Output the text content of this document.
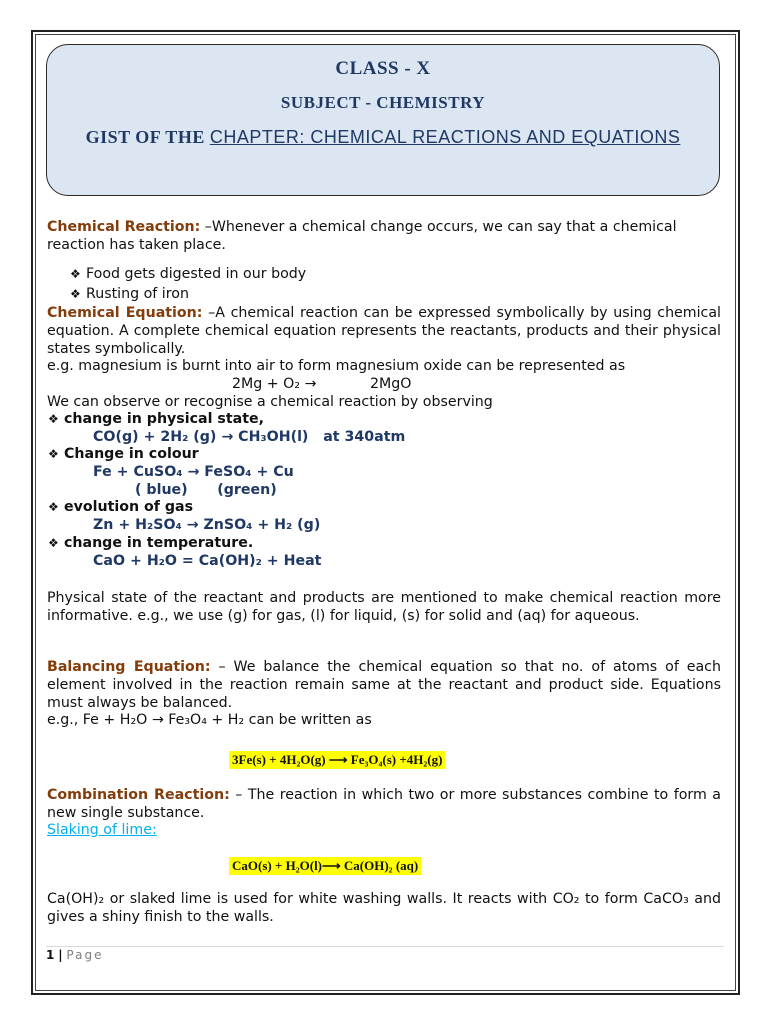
CLASS - X
SUBJECT - CHEMISTRY
GIST OF THE CHAPTER: CHEMICAL REACTIONS AND EQUATIONS
Chemical Reaction: –Whenever a chemical change occurs, we can say that a chemical reaction has taken place.
❖ Food gets digested in our body
❖ Rusting of iron
Chemical Equation: –A chemical reaction can be expressed symbolically by using chemical equation. A complete chemical equation represents the reactants, products and their physical states symbolically.
e.g. magnesium is burnt into air to form magnesium oxide can be represented as
2Mg + O₂ →	2MgO
We can observe or recognise a chemical reaction by observing
❖ change in physical state,
CO(g) + 2H₂ (g) → CH₃OH(l)   at 340atm
❖ Change in colour
Fe + CuSO₄ → FeSO₄ + Cu
( blue)      (green)
❖ evolution of gas
Zn + H₂SO₄ → ZnSO₄ + H₂ (g)
❖ change in temperature.
CaO + H₂O = Ca(OH)₂ + Heat
Physical state of the reactant and products are mentioned to make chemical reaction more informative. e.g., we use (g) for gas, (l) for liquid, (s) for solid and (aq) for aqueous.
Balancing Equation: – We balance the chemical equation so that no. of atoms of each element involved in the reaction remain same at the reactant and product side. Equations must always be balanced.
e.g., Fe + H₂O → Fe₃O₄ + H₂ can be written as
3Fe(s) + 4H₂O(g) ⟶ Fe₃O₄(s) +4H₂(g)
Combination Reaction: – The reaction in which two or more substances combine to form a new single substance.
Slaking of lime:
CaO(s) + H₂O(l)⟶ Ca(OH)₂ (aq)
Ca(OH)₂ or slaked lime is used for white washing walls. It reacts with CO₂ to form CaCO₃ and gives a shiny finish to the walls.
1 | Page
